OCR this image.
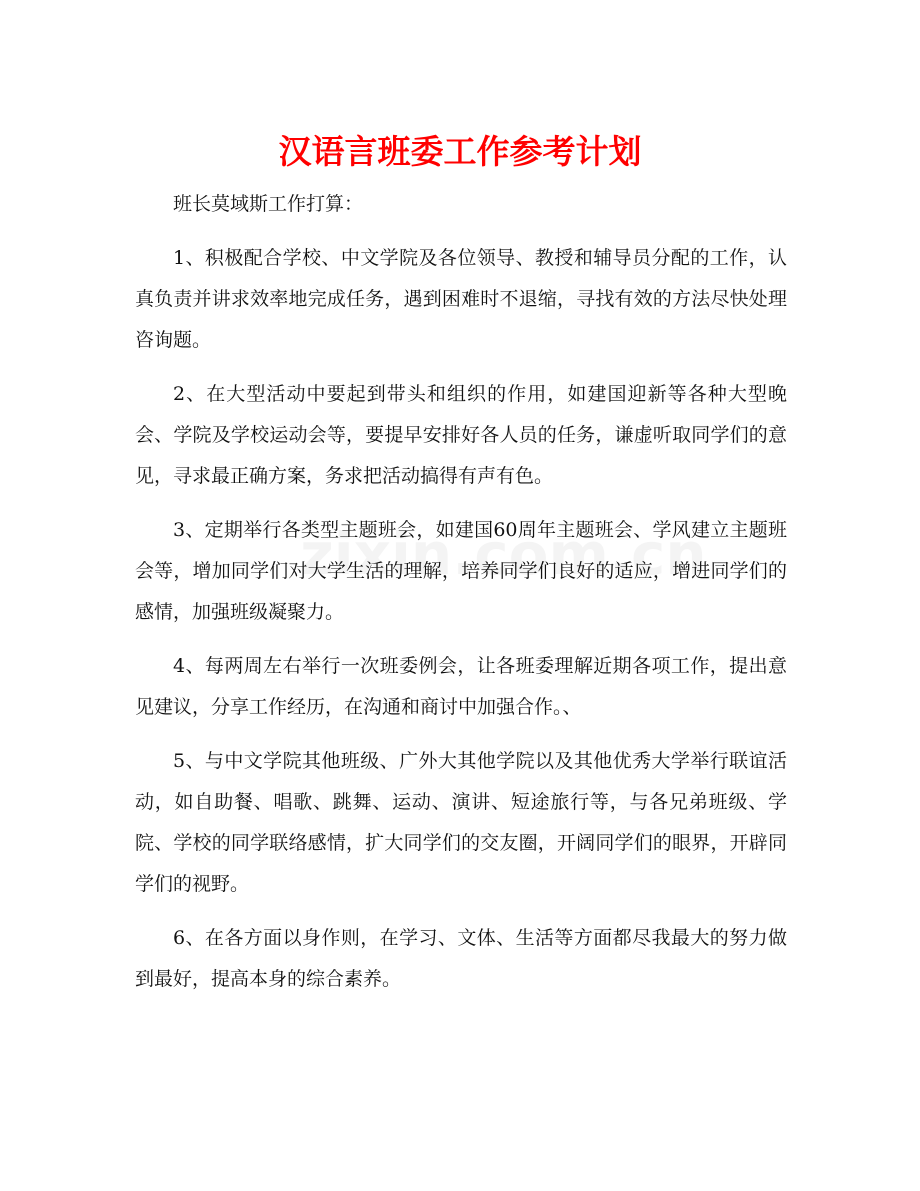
汉语言班委工作参考计划

班长莫域斯工作打算：

1、积极配合学校、中文学院及各位领导、教授和辅导员分配的工作，认真负责并讲求效率地完成任务，遇到困难时不退缩，寻找有效的方法尽快处理咨询题。

2、在大型活动中要起到带头和组织的作用，如建国迎新等各种大型晚会、学院及学校运动会等，要提早安排好各人员的任务，谦虚听取同学们的意见，寻求最正确方案，务求把活动搞得有声有色。

3、定期举行各类型主题班会，如建国60周年主题班会、学风建立主题班会等，增加同学们对大学生活的理解，培养同学们良好的适应，增进同学们的感情，加强班级凝聚力。

4、每两周左右举行一次班委例会，让各班委理解近期各项工作，提出意见建议，分享工作经历，在沟通和商讨中加强合作。、

5、与中文学院其他班级、广外大其他学院以及其他优秀大学举行联谊活动，如自助餐、唱歌、跳舞、运动、演讲、短途旅行等，与各兄弟班级、学院、学校的同学联络感情，扩大同学们的交友圈，开阔同学们的眼界，开辟同学们的视野。

6、在各方面以身作则，在学习、文体、生活等方面都尽我最大的努力做到最好，提高本身的综合素养。
